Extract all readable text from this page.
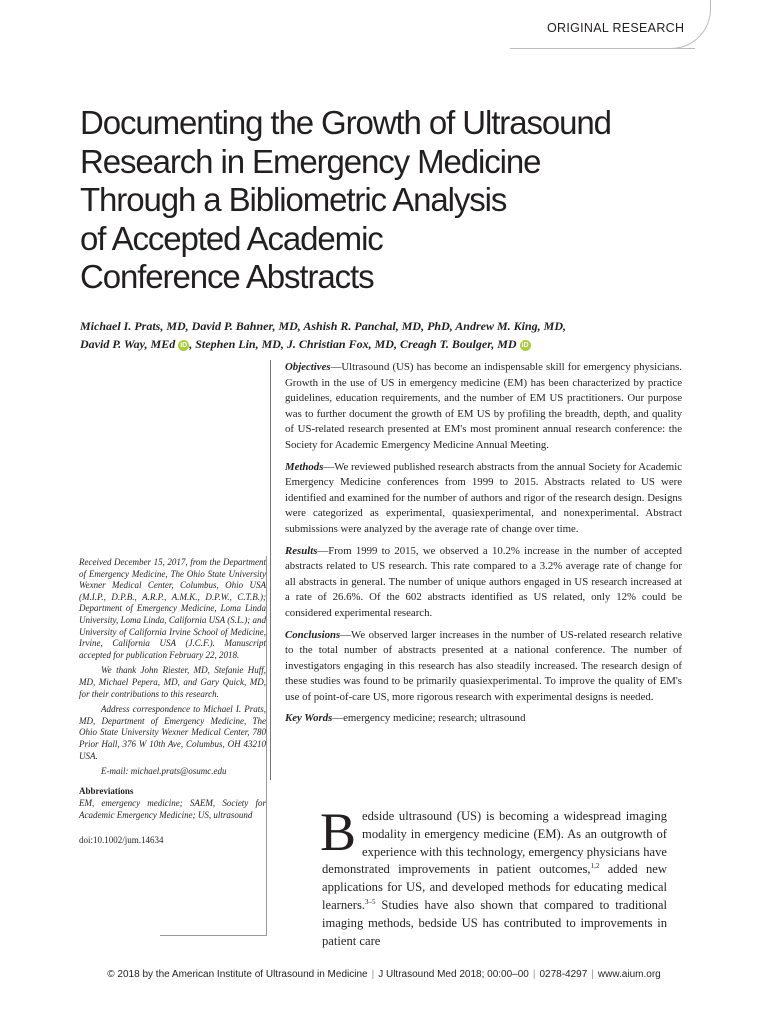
ORIGINAL RESEARCH
Documenting the Growth of Ultrasound
Research in Emergency Medicine
Through a Bibliometric Analysis
of Accepted Academic
Conference Abstracts
Michael I. Prats, MD, David P. Bahner, MD, Ashish R. Panchal, MD, PhD, Andrew M. King, MD,
David P. Way, MEd iD , Stephen Lin, MD, J. Christian Fox, MD, Creagh T. Boulger, MD iD

Objectives—Ultrasound (US) has become an indispensable skill for emergency physicians. Growth in the use of US in emergency medicine (EM) has been characterized by practice guidelines, education requirements, and the number of EM US practitioners. Our purpose was to further document the growth of EM US by profiling the breadth, depth, and quality of US-related research presented at EM's most prominent annual research conference: the Society for Academic Emergency Medicine Annual Meeting.

Methods—We reviewed published research abstracts from the annual Society for Academic Emergency Medicine conferences from 1999 to 2015. Abstracts related to US were identified and examined for the number of authors and rigor of the research design. Designs were categorized as experimental, quasiexperimental, and nonexperimental. Abstract submissions were analyzed by the average rate of change over time.

Results—From 1999 to 2015, we observed a 10.2% increase in the number of accepted abstracts related to US research. This rate compared to a 3.2% average rate of change for all abstracts in general. The number of unique authors engaged in US research increased at a rate of 26.6%. Of the 602 abstracts identified as US related, only 12% could be considered experimental research.

Conclusions—We observed larger increases in the number of US-related research relative to the total number of abstracts presented at a national conference. The number of investigators engaging in this research has also steadily increased. The research design of these studies was found to be primarily quasiexperimental. To improve the quality of EM's use of point-of-care US, more rigorous research with experimental designs is needed.

Key Words—emergency medicine; research; ultrasound

Received December 15, 2017, from the Department of Emergency Medicine, The Ohio State University Wexner Medical Center, Columbus, Ohio USA (M.I.P., D.P.B., A.R.P., A.M.K., D.P.W., C.T.B.); Department of Emergency Medicine, Loma Linda University, Loma Linda, California USA (S.L.); and University of California Irvine School of Medicine, Irvine, California USA (J.C.F.). Manuscript accepted for publication February 22, 2018.

We thank John Riester, MD, Stefanie Huff, MD, Michael Pepera, MD, and Gary Quick, MD, for their contributions to this research.

Address correspondence to Michael I. Prats, MD, Department of Emergency Medicine, The Ohio State University Wexner Medical Center, 780 Prior Hall, 376 W 10th Ave, Columbus, OH 43210 USA.

E-mail: michael.prats@osumc.edu

Abbreviations

EM, emergency medicine; SAEM, Society for Academic Emergency Medicine; US, ultrasound

doi:10.1002/jum.14634	Bedside ultrasound (US) is becoming a widespread imaging modality in emergency medicine (EM). As an outgrowth of experience with this technology, emergency physicians have demonstrated improvements in patient outcomes,$^{1,2}$ added new applications for US, and developed methods for educating medical learners.$^{3-5}$ Studies have also shown that compared to traditional imaging methods, bedside US has contributed to improvements in patient care
© 2018 by the American Institute of Ultrasound in Medicine | J Ultrasound Med 2018; 00:00–00 | 0278-4297 | www.aium.org
